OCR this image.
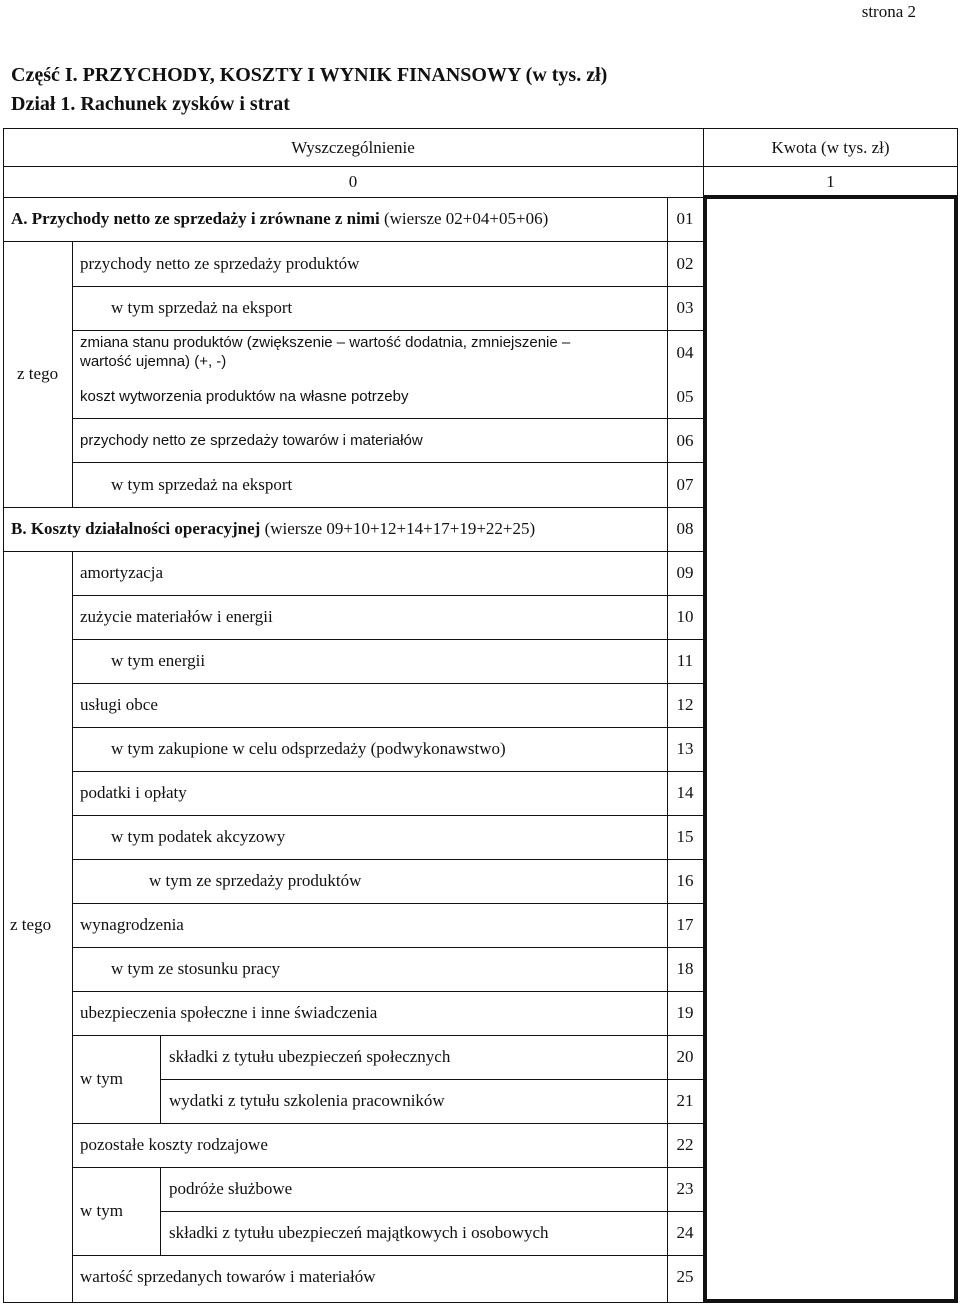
strona 2
Część I. PRZYCHODY, KOSZTY I WYNIK FINANSOWY (w tys. zł)
Dział 1. Rachunek zysków i strat
Wyszczególnienie	Kwota (w tys. zł)
0	1
A. Przychody netto ze sprzedaży i zrównane z nimi (wiersze 02+04+05+06)	01
z tego
przychody netto ze sprzedaży produktów	02
w tym sprzedaż na eksport	03
zmiana stanu produktów (zwiększenie – wartość dodatnia, zmniejszenie –
wartość ujemna) (+, -)	04
koszt wytworzenia produktów na własne potrzeby	05
przychody netto ze sprzedaży towarów i materiałów	06
w tym sprzedaż na eksport	07
B. Koszty działalności operacyjnej (wiersze 09+10+12+14+17+19+22+25)	08
z tego
amortyzacja	09
zużycie materiałów i energii	10
w tym energii	11
usługi obce	12
w tym zakupione w celu odsprzedaży (podwykonawstwo)	13
podatki i opłaty	14
w tym podatek akcyzowy	15
w tym ze sprzedaży produktów	16
wynagrodzenia	17
w tym ze stosunku pracy	18
ubezpieczenia społeczne i inne świadczenia	19
w tym
składki z tytułu ubezpieczeń społecznych	20
wydatki z tytułu szkolenia pracowników	21
pozostałe koszty rodzajowe	22
w tym
podróże służbowe	23
składki z tytułu ubezpieczeń majątkowych i osobowych	24
wartość sprzedanych towarów i materiałów	25
